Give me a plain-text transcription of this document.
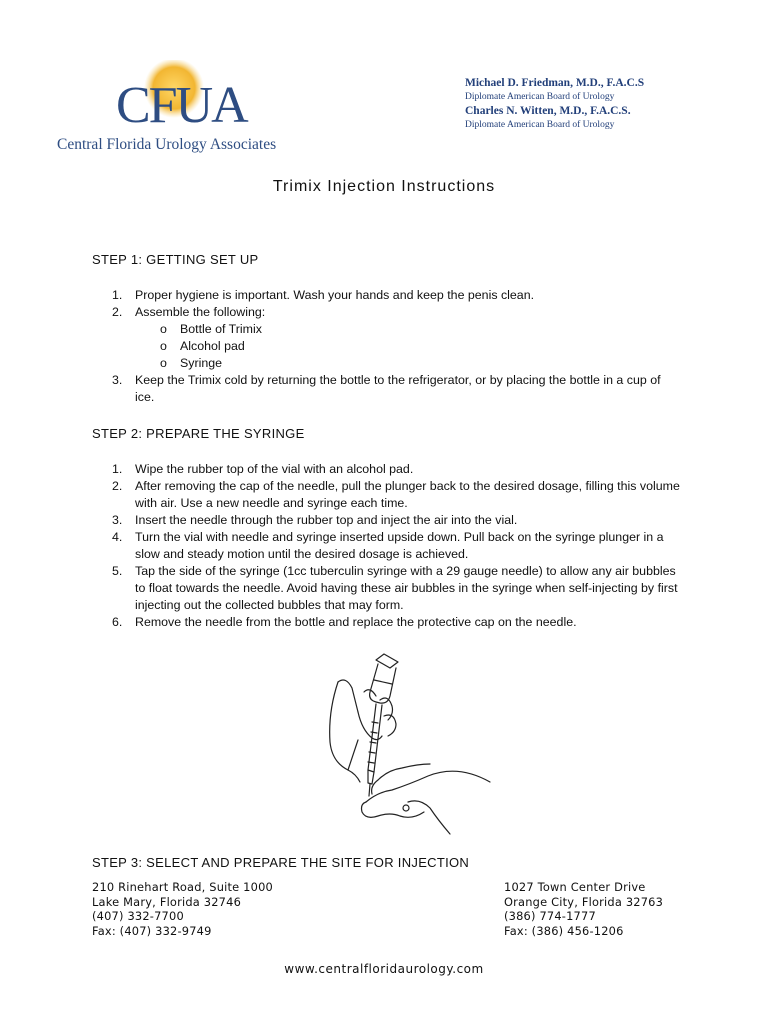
CFUA
Central Florida Urology Associates
Michael D. Friedman, M.D., F.A.C.S
Diplomate American Board of Urology
Charles N. Witten, M.D., F.A.C.S.
Diplomate American Board of Urology
Trimix Injection Instructions
STEP 1: GETTING SET UP
1. Proper hygiene is important. Wash your hands and keep the penis clean.
2. Assemble the following:
o Bottle of Trimix
o Alcohol pad
o Syringe
3. Keep the Trimix cold by returning the bottle to the refrigerator, or by placing the bottle in a cup of ice.
STEP 2: PREPARE THE SYRINGE
1. Wipe the rubber top of the vial with an alcohol pad.
2. After removing the cap of the needle, pull the plunger back to the desired dosage, filling this volume with air. Use a new needle and syringe each time.
3. Insert the needle through the rubber top and inject the air into the vial.
4. Turn the vial with needle and syringe inserted upside down. Pull back on the syringe plunger in a slow and steady motion until the desired dosage is achieved.
5. Tap the side of the syringe (1cc tuberculin syringe with a 29 gauge needle) to allow any air bubbles to float towards the needle. Avoid having these air bubbles in the syringe when self-injecting by first injecting out the collected bubbles that may form.
6. Remove the needle from the bottle and replace the protective cap on the needle.
STEP 3: SELECT AND PREPARE THE SITE FOR INJECTION
210 Rinehart Road, Suite 1000
Lake Mary, Florida 32746
(407) 332-7700
Fax: (407) 332-9749
1027 Town Center Drive
Orange City, Florida 32763
(386) 774-1777
Fax: (386) 456-1206
www.centralfloridaurology.com
